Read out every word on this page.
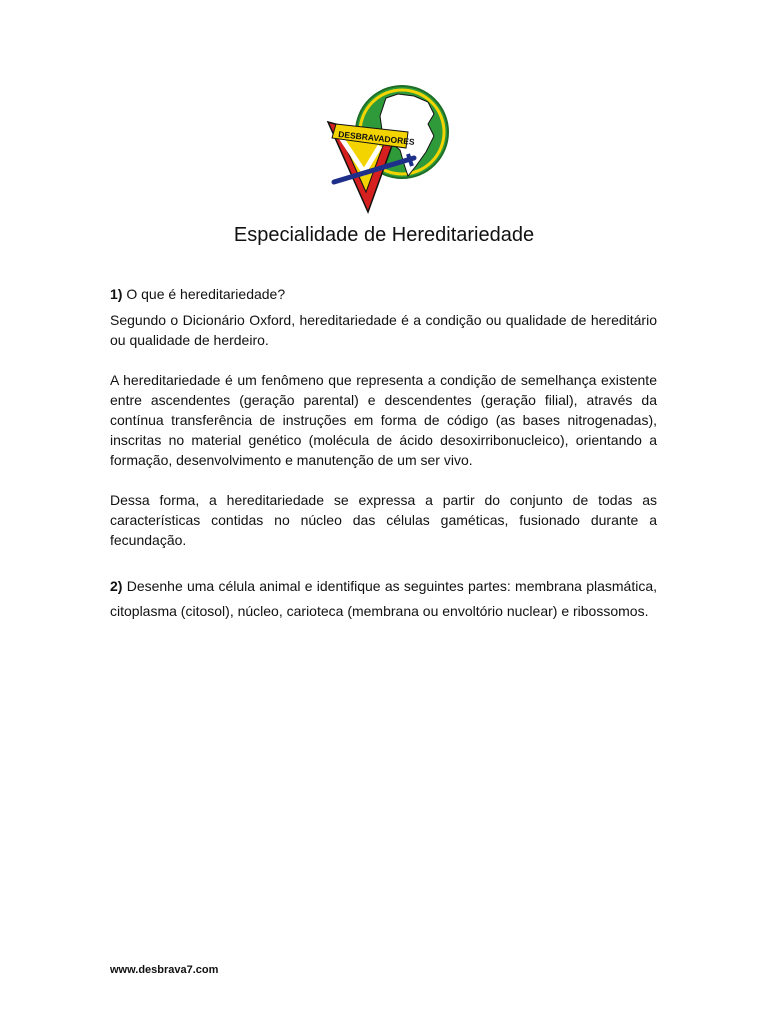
DESBRAVADORES
Especialidade de Hereditariedade

1) O que é hereditariedade?

Segundo o Dicionário Oxford, hereditariedade é a condição ou qualidade de hereditário ou qualidade de herdeiro.

A hereditariedade é um fenômeno que representa a condição de semelhança existente entre ascendentes (geração parental) e descendentes (geração filial), através da contínua transferência de instruções em forma de código (as bases nitrogenadas), inscritas no material genético (molécula de ácido desoxirribonucleico), orientando a formação, desenvolvimento e manutenção de um ser vivo.

Dessa forma, a hereditariedade se expressa a partir do conjunto de todas as características contidas no núcleo das células gaméticas, fusionado durante a fecundação.

2) Desenhe uma célula animal e identifique as seguintes partes: membrana plasmática, citoplasma (citosol), núcleo, carioteca (membrana ou envoltório nuclear) e ribossomos.

www.desbrava7.com
